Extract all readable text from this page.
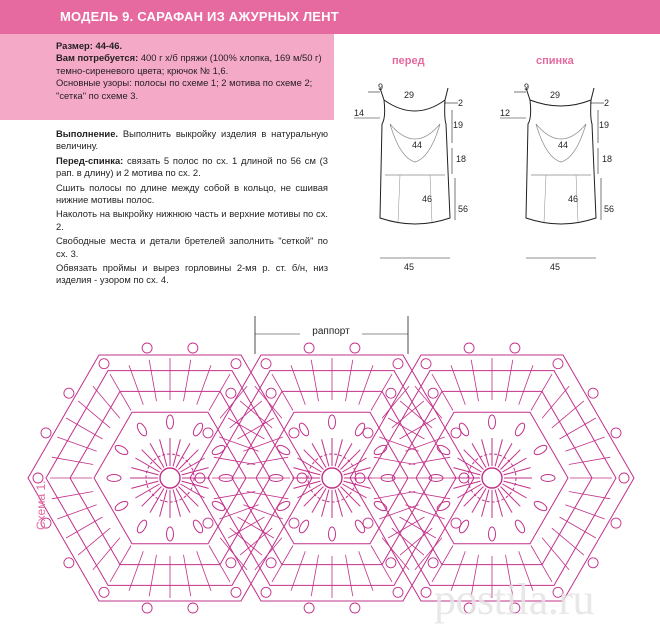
МОДЕЛЬ 9. САРАФАН ИЗ АЖУРНЫХ ЛЕНТ

Размер: 44-46.

Вам потребуется: 400 г х/б пряжи (100% хлопка, 169 м/50 г) темно-сиреневого цвета; крючок № 1,6.

Основные узоры: полосы по схеме 1; 2 мотива по схеме 2; "сетка" по схеме 3.

Выполнение. Выполнить выкройку изделия в натуральную величину.

Перед-спинка: связать 5 полос по сх. 1 длиной по 56 см (3 рап. в длину) и 2 мотива по сх. 2.

Сшить полосы по длине между собой в кольцо, не сшивая нижние мотивы полос.

Наколоть на выкройку нижнюю часть и верхние мотивы по сх. 2.

Свободные места и детали бретелей заполнить "сеткой" по сх. 3.

Обвязать проймы и вырез горловины 2-мя р. ст. б/н, низ изделия - узором по сх. 4.

перед
9
29
2
14
19
44
18
46
56
45
спинка
9
29
2
12
19
44
18
46
56
45
раппорт
Схема 1.
postila.ru
